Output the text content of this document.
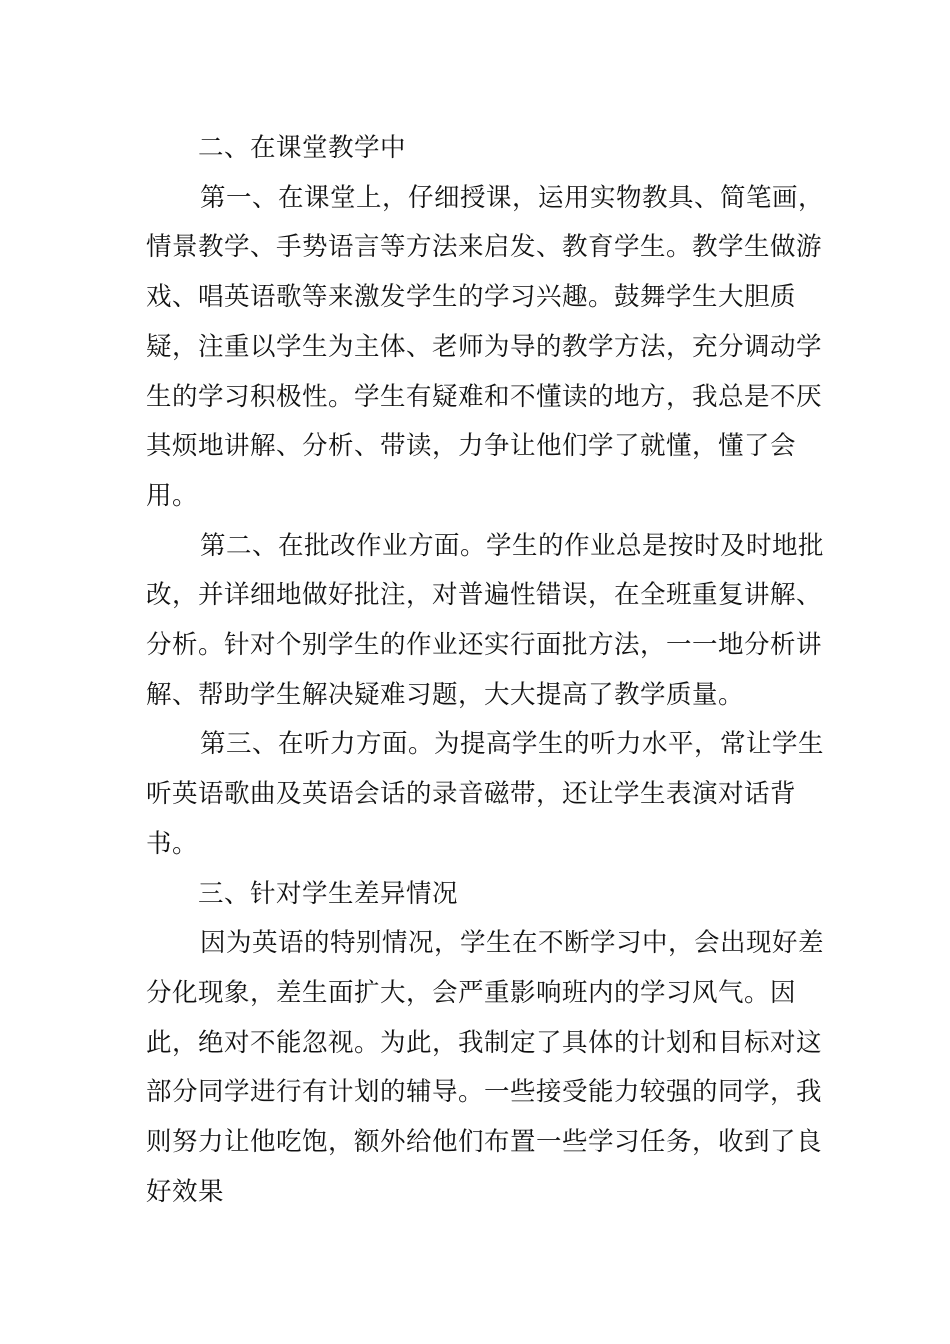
二、在课堂教学中

第一、在课堂上，仔细授课，运用实物教具、简笔画，情景教学、手势语言等方法来启发、教育学生。教学生做游戏、唱英语歌等来激发学生的学习兴趣。鼓舞学生大胆质疑，注重以学生为主体、老师为导的教学方法，充分调动学生的学习积极性。学生有疑难和不懂读的地方，我总是不厌其烦地讲解、分析、带读，力争让他们学了就懂，懂了会用。

第二、在批改作业方面。学生的作业总是按时及时地批改，并详细地做好批注，对普遍性错误，在全班重复讲解、分析。针对个别学生的作业还实行面批方法，一一地分析讲解、帮助学生解决疑难习题，大大提高了教学质量。

第三、在听力方面。为提高学生的听力水平，常让学生听英语歌曲及英语会话的录音磁带，还让学生表演对话背书。

三、针对学生差异情况

因为英语的特别情况，学生在不断学习中，会出现好差分化现象，差生面扩大，会严重影响班内的学习风气。因此，绝对不能忽视。为此，我制定了具体的计划和目标对这部分同学进行有计划的辅导。一些接受能力较强的同学，我则努力让他吃饱，额外给他们布置一些学习任务，收到了良好效果
